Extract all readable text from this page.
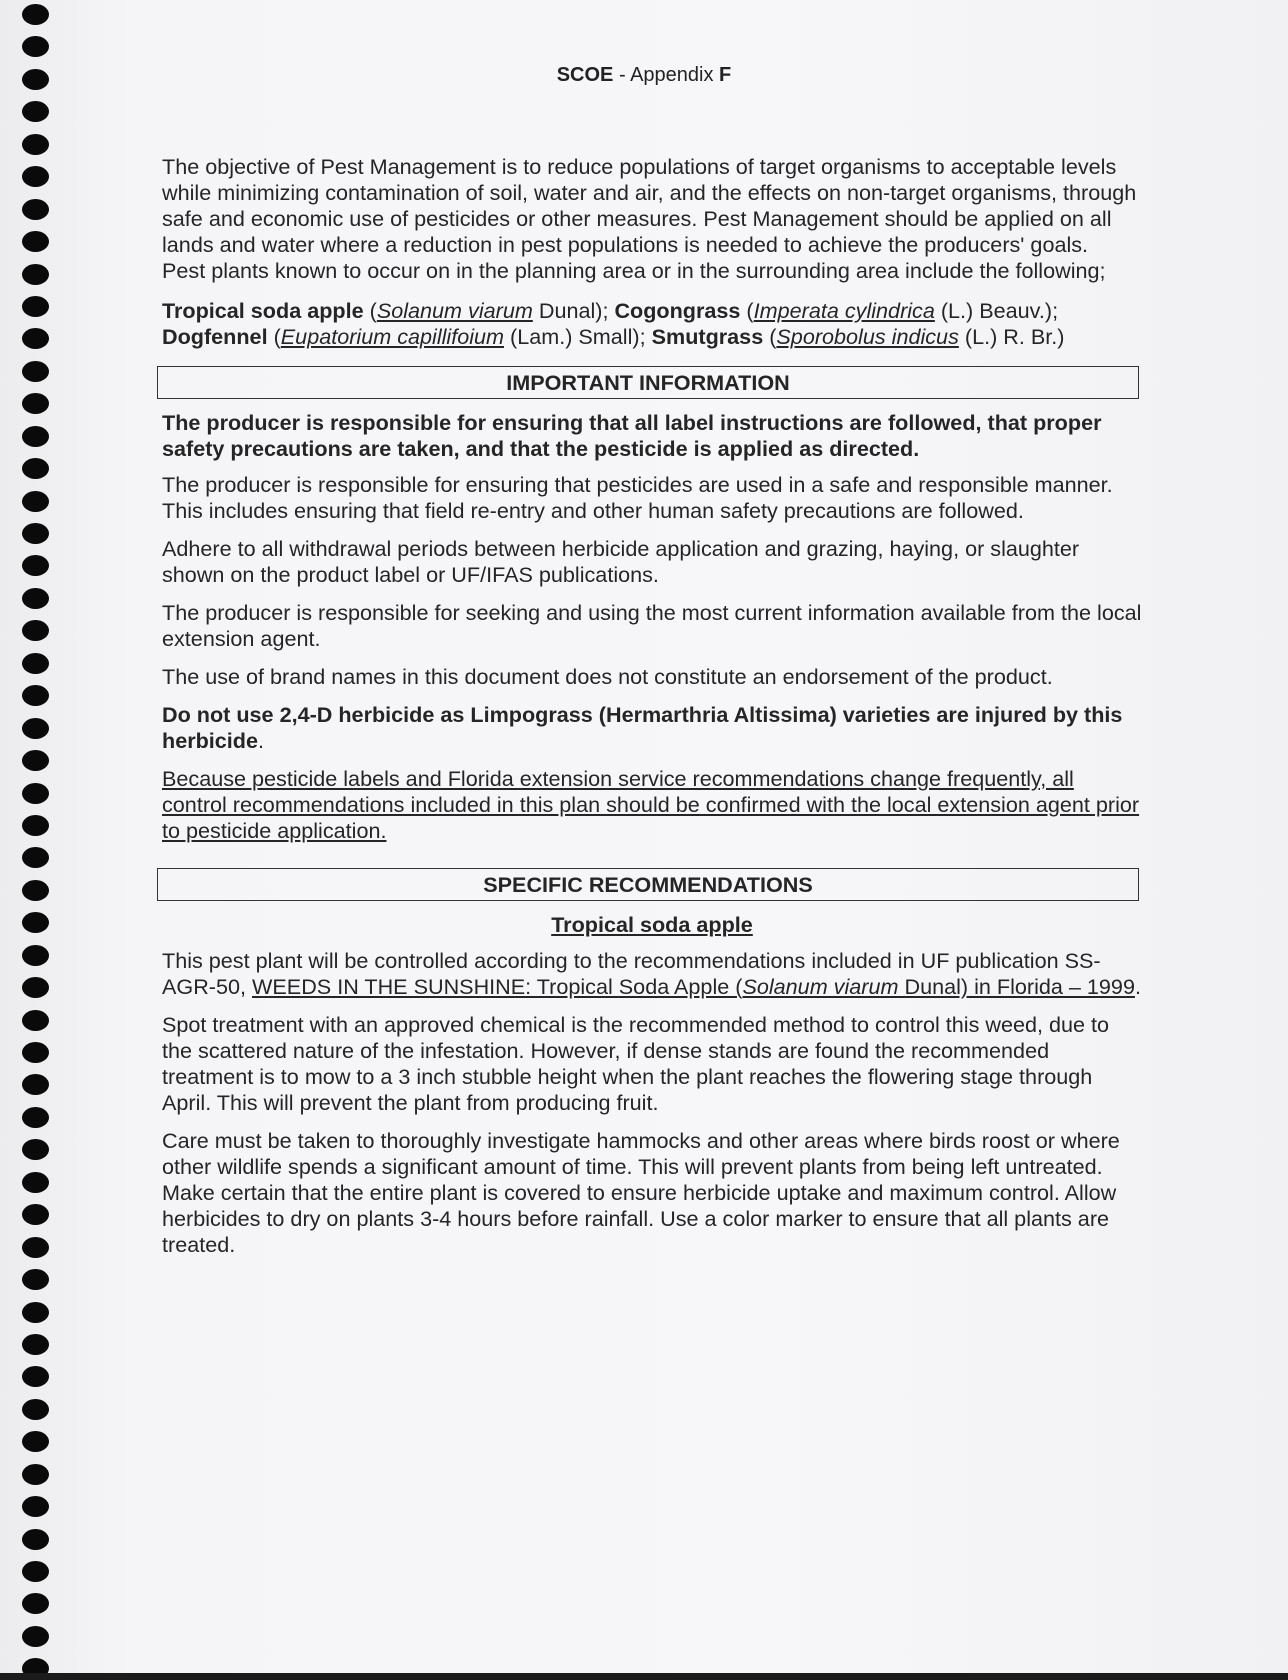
SCOE - Appendix F

The objective of Pest Management is to reduce populations of target organisms to acceptable levels while minimizing contamination of soil, water and air, and the effects on non-target organisms, through safe and economic use of pesticides or other measures. Pest Management should be applied on all lands and water where a reduction in pest populations is needed to achieve the producers' goals.

Pest plants known to occur on in the planning area or in the surrounding area include the following;

Tropical soda apple (Solanum viarum Dunal); Cogongrass (Imperata cylindrica (L.) Beauv.); Dogfennel (Eupatorium capillifoium (Lam.) Small); Smutgrass (Sporobolus indicus (L.) R. Br.)

IMPORTANT INFORMATION

The producer is responsible for ensuring that all label instructions are followed, that proper safety precautions are taken, and that the pesticide is applied as directed.

The producer is responsible for ensuring that pesticides are used in a safe and responsible manner. This includes ensuring that field re-entry and other human safety precautions are followed.

Adhere to all withdrawal periods between herbicide application and grazing, haying, or slaughter shown on the product label or UF/IFAS publications.

The producer is responsible for seeking and using the most current information available from the local extension agent.

The use of brand names in this document does not constitute an endorsement of the product.

Do not use 2,4-D herbicide as Limpograss (Hermarthria Altissima) varieties are injured by this herbicide.

Because pesticide labels and Florida extension service recommendations change frequently, all control recommendations included in this plan should be confirmed with the local extension agent prior to pesticide application.

SPECIFIC RECOMMENDATIONS

Tropical soda apple

This pest plant will be controlled according to the recommendations included in UF publication SS-AGR-50, WEEDS IN THE SUNSHINE: Tropical Soda Apple (Solanum viarum Dunal) in Florida – 1999.

Spot treatment with an approved chemical is the recommended method to control this weed, due to the scattered nature of the infestation. However, if dense stands are found the recommended treatment is to mow to a 3 inch stubble height when the plant reaches the flowering stage through April. This will prevent the plant from producing fruit.

Care must be taken to thoroughly investigate hammocks and other areas where birds roost or where other wildlife spends a significant amount of time. This will prevent plants from being left untreated. Make certain that the entire plant is covered to ensure herbicide uptake and maximum control. Allow herbicides to dry on plants 3-4 hours before rainfall. Use a color marker to ensure that all plants are treated.
